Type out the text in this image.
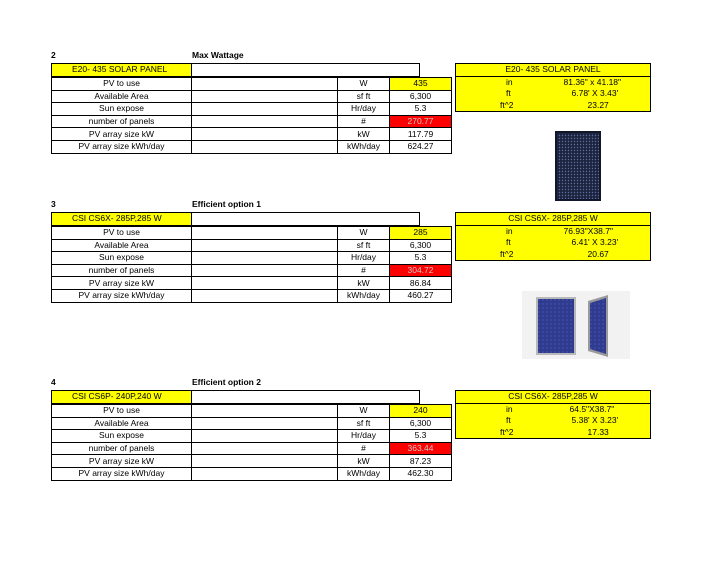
2	Max Wattage
E20- 435 SOLAR PANEL	
PV to use		W	435
Available Area		sf ft	6,300
Sun expose		Hr/day	5.3
number of panels		#	270.77
PV array size kW		kW	117.79
PV array size kWh/day		kWh/day	624.27
E20- 435 SOLAR PANEL	
in	81.36" x 41.18"
ft	6.78' X 3.43'
ft^2	23.27
3	Efficient option 1
CSI CS6X- 285P,285 W	
PV to use		W	285
Available Area		sf ft	6,300
Sun expose		Hr/day	5.3
number of panels		#	304.72
PV array size kW		kW	86.84
PV array size kWh/day		kWh/day	460.27
CSI CS6X- 285P,285 W	
in	76.93"X38.7"
ft	6.41' X 3.23'
ft^2	20.67
4	Efficient option 2
CSI CS6P- 240P,240 W	
PV to use		W	240
Available Area		sf ft	6,300
Sun expose		Hr/day	5.3
number of panels		#	363.44
PV array size kW		kW	87.23
PV array size kWh/day		kWh/day	462.30
CSI CS6X- 285P,285 W	
in	64.5"X38.7"
ft	5.38' X 3.23'
ft^2	17.33
